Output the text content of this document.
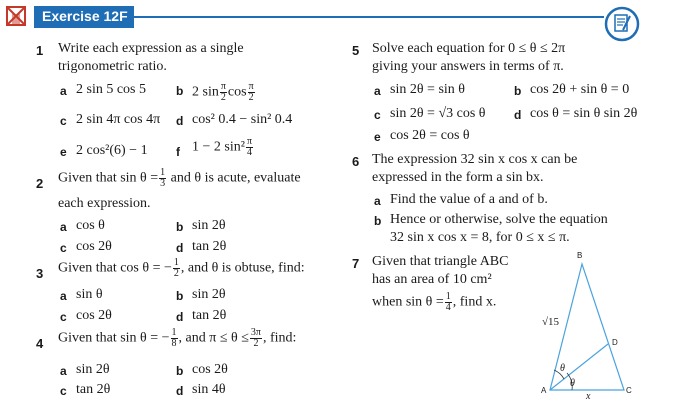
Exercise 12F
1 Write each expression as a single
trigonometric ratio.
a 2 sin 5 cos 5	b 2 $\sin \frac{\pi}{2}$ $\cos \frac{\pi}{2}$
c 2 sin 4π cos 4π d cos² 0.4 − sin² 0.4
e 2 cos²(6) − 1 f 1 − 2 $\sin^2 \frac{\pi}{4}$
2 Given that $\sin \theta = \frac{1}{3}$ and θ is acute, evaluate
each expression.
a cos θ	b sin 2θ
c cos 2θ	d tan 2θ
3 Given that cos θ = − $\frac{1}{2}$ , and θ is obtuse, find:
a sin θ	b sin 2θ
c cos 2θ	d tan 2θ
4 Given that sin θ = − $\frac{1}{8}$ , and $\pi \le \theta \le \frac{3\pi}{2}$ , find:
a sin 2θ	b cos 2θ
c tan 2θ	d sin 4θ
5 Solve each equation for 0 ≤ θ ≤ 2π
giving your answers in terms of π.
a sin 2θ = sin θ	b cos 2θ + sin θ = 0
c sin 2θ = √3 cos θ d cos θ = sin θ sin 2θ
e cos 2θ = cos θ
6 The expression 32 sin x cos x can be
expressed in the form a sin bx.
a Find the value of a and of b.
b Hence or otherwise, solve the equation
32 sin x cos x = 8, for 0 ≤ x ≤ π.
7 Given that triangle ABC
has an area of 10 cm²
when $\sin \theta = \frac{1}{4}$ , find x.
B
D
A	C
√15
θ
θ
x
